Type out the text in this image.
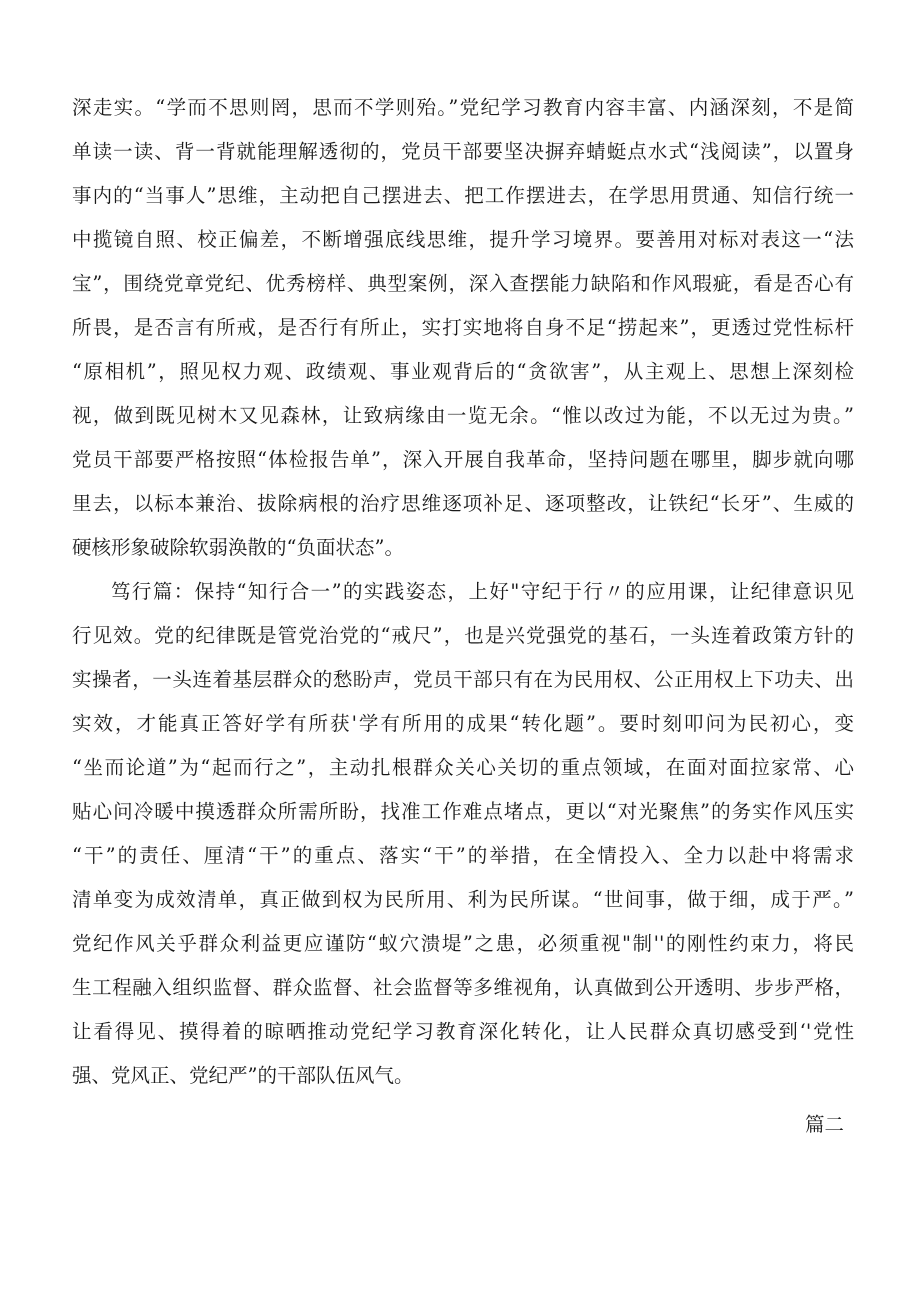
深走实。“学而不思则罔，思而不学则殆。”党纪学习教育内容丰富、内涵深刻，不是简
单读一读、背一背就能理解透彻的，党员干部要坚决摒弃蜻蜓点水式“浅阅读”，以置身
事内的“当事人”思维，主动把自己摆进去、把工作摆进去，在学思用贯通、知信行统一
中揽镜自照、校正偏差，不断增强底线思维，提升学习境界。要善用对标对表这一“法
宝”，围绕党章党纪、优秀榜样、典型案例，深入查摆能力缺陷和作风瑕疵，看是否心有
所畏，是否言有所戒，是否行有所止，实打实地将自身不足“捞起来”，更透过党性标杆
“原相机”，照见权力观、政绩观、事业观背后的“贪欲害”，从主观上、思想上深刻检
视，做到既见树木又见森林，让致病缘由一览无余。“惟以改过为能，不以无过为贵。”
党员干部要严格按照“体检报告单”，深入开展自我革命，坚持问题在哪里，脚步就向哪
里去，以标本兼治、拔除病根的治疗思维逐项补足、逐项整改，让铁纪“长牙”、生威的
硬核形象破除软弱涣散的“负面状态”。
笃行篇：保持“知行合一”的实践姿态，上好"守纪于行〃的应用课，让纪律意识见
行见效。党的纪律既是管党治党的“戒尺”，也是兴党强党的基石，一头连着政策方针的
实操者，一头连着基层群众的愁盼声，党员干部只有在为民用权、公正用权上下功夫、出
实效，才能真正答好学有所获'学有所用的成果“转化题”。要时刻叩问为民初心，变
“坐而论道”为“起而行之”，主动扎根群众关心关切的重点领域，在面对面拉家常、心
贴心问冷暖中摸透群众所需所盼，找准工作难点堵点，更以“对光聚焦”的务实作风压实
“干”的责任、厘清“干”的重点、落实“干”的举措，在全情投入、全力以赴中将需求
清单变为成效清单，真正做到权为民所用、利为民所谋。“世间事，做于细，成于严。”
党纪作风关乎群众利益更应谨防“蚁穴溃堤”之患，必须重视"制''的刚性约束力，将民
生工程融入组织监督、群众监督、社会监督等多维视角，认真做到公开透明、步步严格，
让看得见、摸得着的晾晒推动党纪学习教育深化转化，让人民群众真切感受到‘'党性
强、党风正、党纪严”的干部队伍风气。
篇二
